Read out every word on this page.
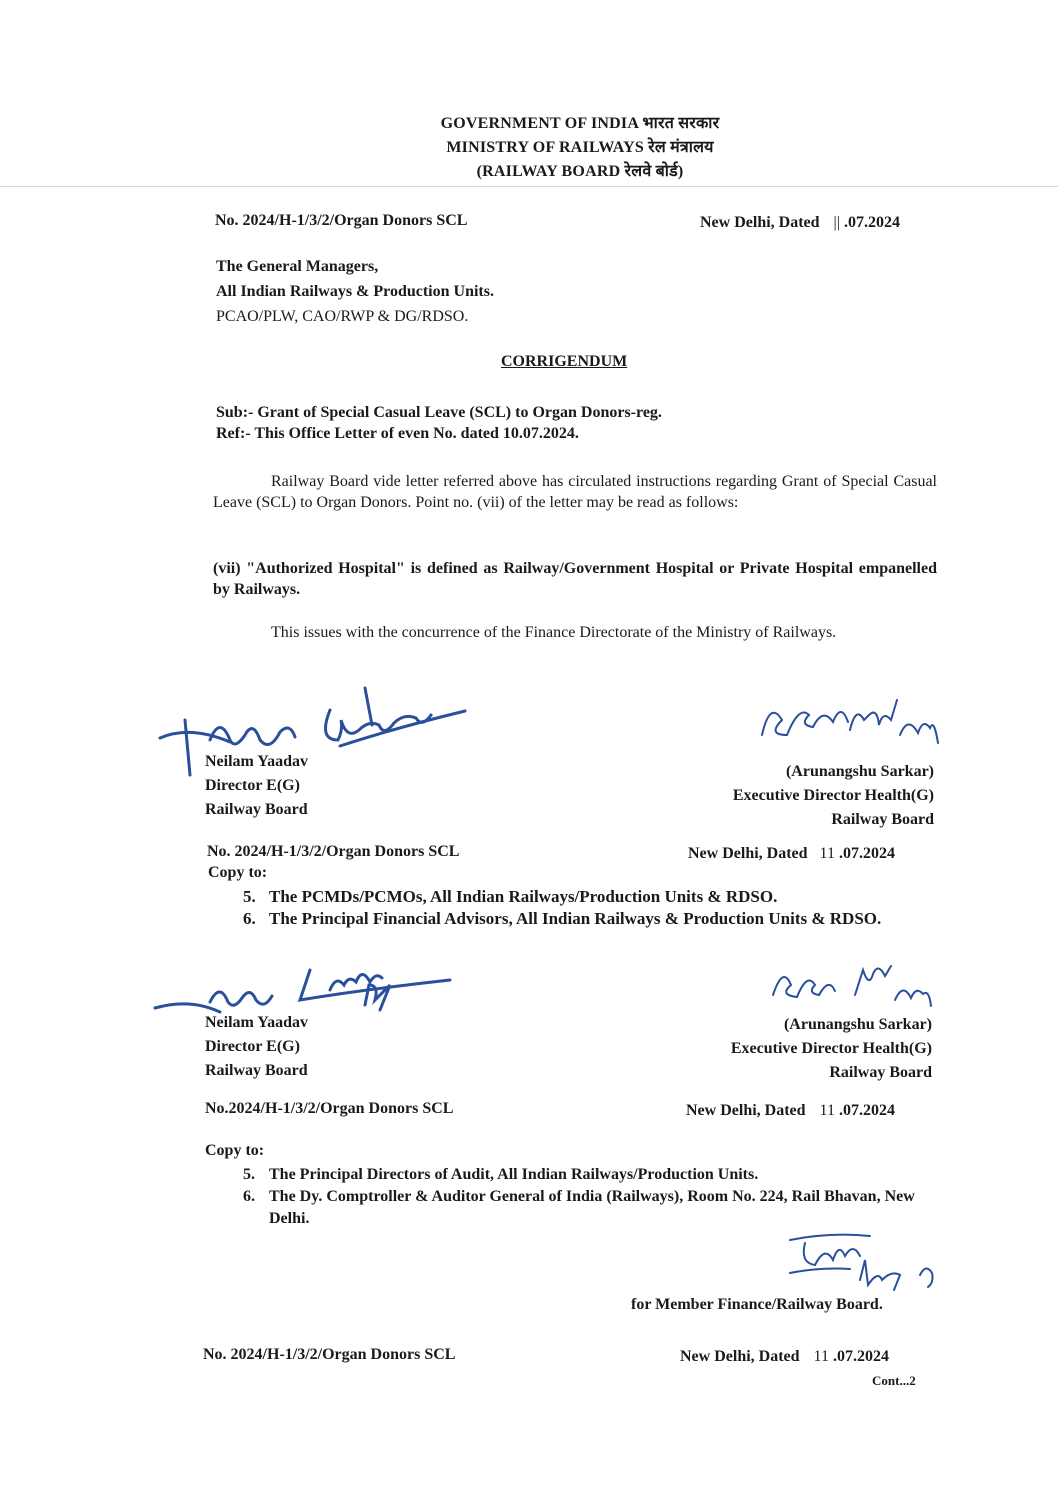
GOVERNMENT OF INDIA भारत सरकार
MINISTRY OF RAILWAYS रेल मंत्रालय
(RAILWAY BOARD रेलवे बोर्ड)
No. 2024/H-1/3/2/Organ Donors SCL	New Delhi, Dated || .07.2024
The General Managers,
All Indian Railways & Production Units.
PCAO/PLW, CAO/RWP & DG/RDSO.
CORRIGENDUM
Sub:- Grant of Special Casual Leave (SCL) to Organ Donors-reg.
Ref:- This Office Letter of even No. dated 10.07.2024.
Railway Board vide letter referred above has circulated instructions regarding Grant of Special Casual Leave (SCL) to Organ Donors. Point no. (vii) of the letter may be read as follows:
(vii) "Authorized Hospital" is defined as Railway/Government Hospital or Private Hospital empanelled by Railways.
This issues with the concurrence of the Finance Directorate of the Ministry of Railways.
Neilam Yaadav
Director E(G)
Railway Board
(Arunangshu Sarkar)
Executive Director Health(G)
Railway Board
No. 2024/H-1/3/2/Organ Donors SCL	New Delhi, Dated 11 .07.2024
Copy to:
5. The PCMDs/PCMOs, All Indian Railways/Production Units & RDSO.
6. The Principal Financial Advisors, All Indian Railways & Production Units & RDSO.
Neilam Yaadav
Director E(G)
Railway Board
(Arunangshu Sarkar)
Executive Director Health(G)
Railway Board
No.2024/H-1/3/2/Organ Donors SCL	New Delhi, Dated 11 .07.2024
Copy to:
5. The Principal Directors of Audit, All Indian Railways/Production Units.
6. The Dy. Comptroller & Auditor General of India (Railways), Room No. 224, Rail Bhavan, New Delhi.
for Member Finance/Railway Board.
No. 2024/H-1/3/2/Organ Donors SCL	New Delhi, Dated 11 .07.2024
Cont...2
